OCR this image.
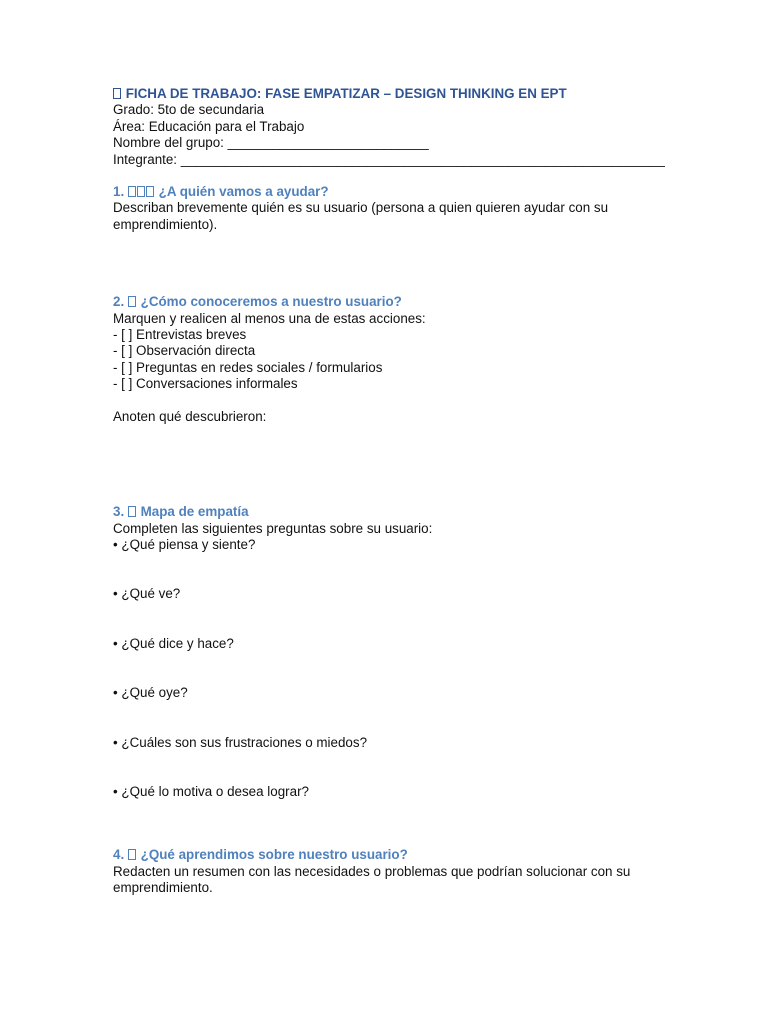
FICHA DE TRABAJO: FASE EMPATIZAR – DESIGN THINKING EN EPT
Grado: 5to de secundaria
Área: Educación para el Trabajo
Nombre del grupo: ___________________________
Integrante: _________________________________________________________________
1.	¿A quién vamos a ayudar?
Describan brevemente quién es su usuario (persona a quien quieren ayudar con su emprendimiento).
2. ¿Cómo conoceremos a nuestro usuario?
Marquen y realicen al menos una de estas acciones:
- [ ] Entrevistas breves
- [ ] Observación directa
- [ ] Preguntas en redes sociales / formularios
- [ ] Conversaciones informales
Anoten qué descubrieron:
3. Mapa de empatía
Completen las siguientes preguntas sobre su usuario:
• ¿Qué piensa y siente?
• ¿Qué ve?
• ¿Qué dice y hace?
• ¿Qué oye?
• ¿Cuáles son sus frustraciones o miedos?
• ¿Qué lo motiva o desea lograr?
4. ¿Qué aprendimos sobre nuestro usuario?
Redacten un resumen con las necesidades o problemas que podrían solucionar con su emprendimiento.
